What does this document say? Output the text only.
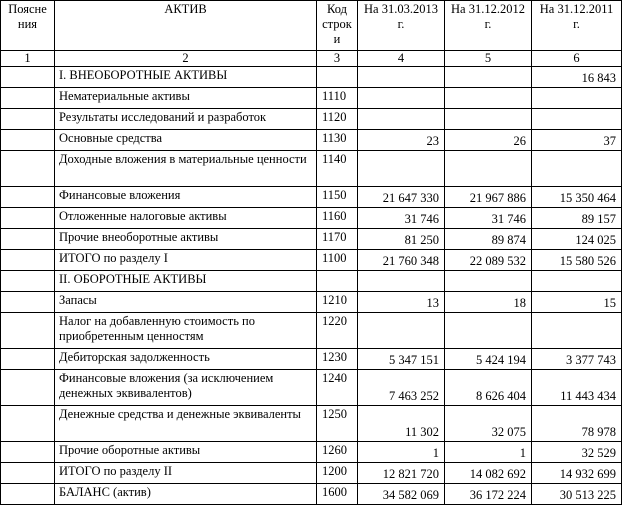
Поясне ния	АКТИВ	Код строк и	На 31.03.2013 г.	На 31.12.2012 г.	На 31.12.2011 г.
1	2	3	4	5	6
	I. ВНЕОБОРОТНЫЕ АКТИВЫ				16 843
	Нематериальные активы	1110			
	Результаты исследований и разработок	1120			
	Основные средства	1130	23	26	37
	Доходные вложения в материальные ценности	1140			
	Финансовые вложения	1150	21 647 330	21 967 886	15 350 464
	Отложенные налоговые активы	1160	31 746	31 746	89 157
	Прочие внеоборотные активы	1170	81 250	89 874	124 025
	ИТОГО по разделу I	1100	21 760 348	22 089 532	15 580 526
	II. ОБОРОТНЫЕ АКТИВЫ				
	Запасы	1210	13	18	15
	Налог на добавленную стоимость по приобретенным ценностям	1220			
	Дебиторская задолженность	1230	5 347 151	5 424 194	3 377 743
	Финансовые вложения (за исключением денежных эквивалентов)	1240	7 463 252	8 626 404	11 443 434
	Денежные средства и денежные эквиваленты	1250	11 302	32 075	78 978
	Прочие оборотные активы	1260	1	1	32 529
	ИТОГО по разделу II	1200	12 821 720	14 082 692	14 932 699
	БАЛАНС (актив)	1600	34 582 069	36 172 224	30 513 225
